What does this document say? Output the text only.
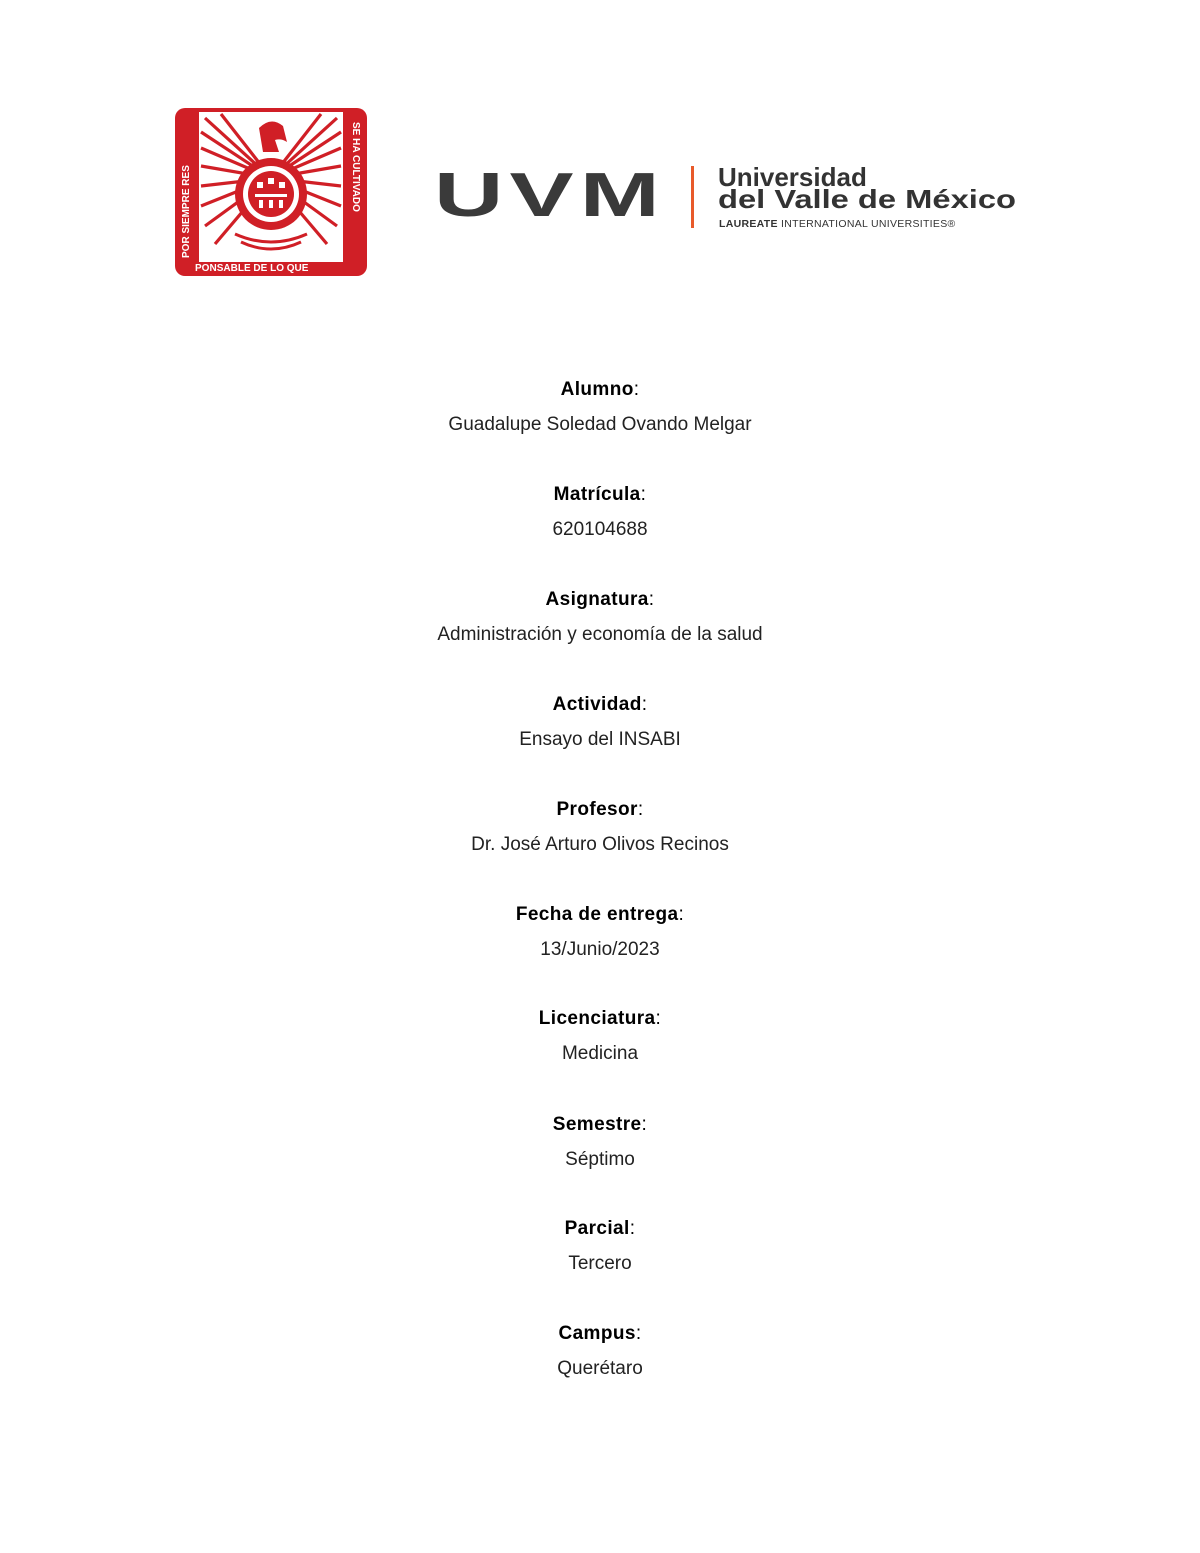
POR SIEMPRE RES
SE HA CULTIVADO
PONSABLE DE LO QUE
UVM Universidad
del Valle de México
LAUREATE INTERNATIONAL UNIVERSITIES®
Alumno:
Guadalupe Soledad Ovando Melgar
Matrícula:
620104688
Asignatura:
Administración y economía de la salud
Actividad:
Ensayo del INSABI
Profesor:
Dr. José Arturo Olivos Recinos
Fecha de entrega:
13/Junio/2023
Licenciatura:
Medicina
Semestre:
Séptimo
Parcial:
Tercero
Campus:
Querétaro
